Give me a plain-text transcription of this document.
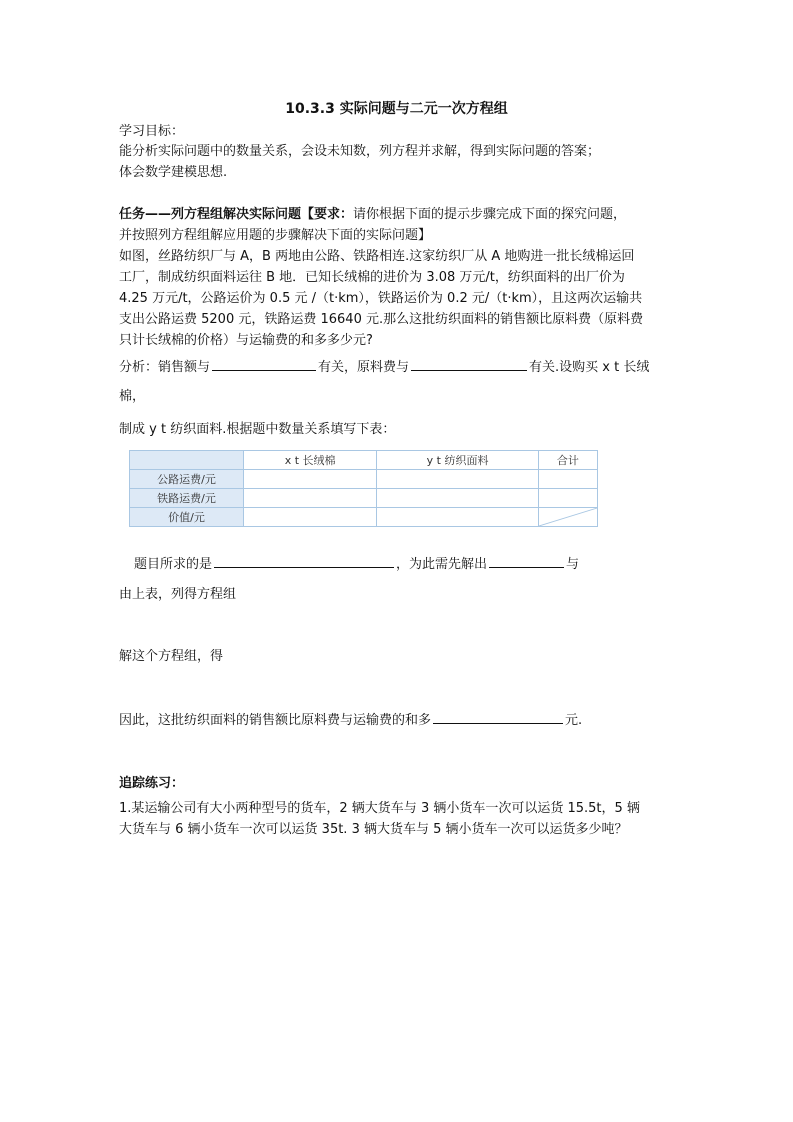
10.3.3 实际问题与二元一次方程组
学习目标：
能分析实际问题中的数量关系，会设未知数，列方程并求解，得到实际问题的答案；
体会数学建模思想.
任务——列方程组解决实际问题【要求：请你根据下面的提示步骤完成下面的探究问题，
并按照列方程组解应用题的步骤解决下面的实际问题】
如图，丝路纺织厂与 A，B 两地由公路、铁路相连.这家纺织厂从 A 地购进一批长绒棉运回
工厂，制成纺织面料运往 B 地．已知长绒棉的进价为 3.08 万元/t，纺织面料的出厂价为
4.25 万元/t，公路运价为 0.5 元 /（t·km），铁路运价为 0.2 元/（t·km），且这两次运输共
支出公路运费 5200 元，铁路运费 16640 元.那么这批纺织面料的销售额比原料费（原料费
只计长绒棉的价格）与运输费的和多多少元?
分析：销售额与	有关，原料费与	有关.设购买 x t 长绒
棉，
制成 y t 纺织面料.根据题中数量关系填写下表：
	x t 长绒棉	y t 纺织面料	合计
公路运费/元			
铁路运费/元			
价值/元			
题目所求的是	，为此需先解出	与
由上表，列得方程组
解这个方程组，得
因此，这批纺织面料的销售额比原料费与运输费的和多	元.
追踪练习：
1.某运输公司有大小两种型号的货车，2 辆大货车与 3 辆小货车一次可以运货 15.5t，5 辆
大货车与 6 辆小货车一次可以运货 35t. 3 辆大货车与 5 辆小货车一次可以运货多少吨？
